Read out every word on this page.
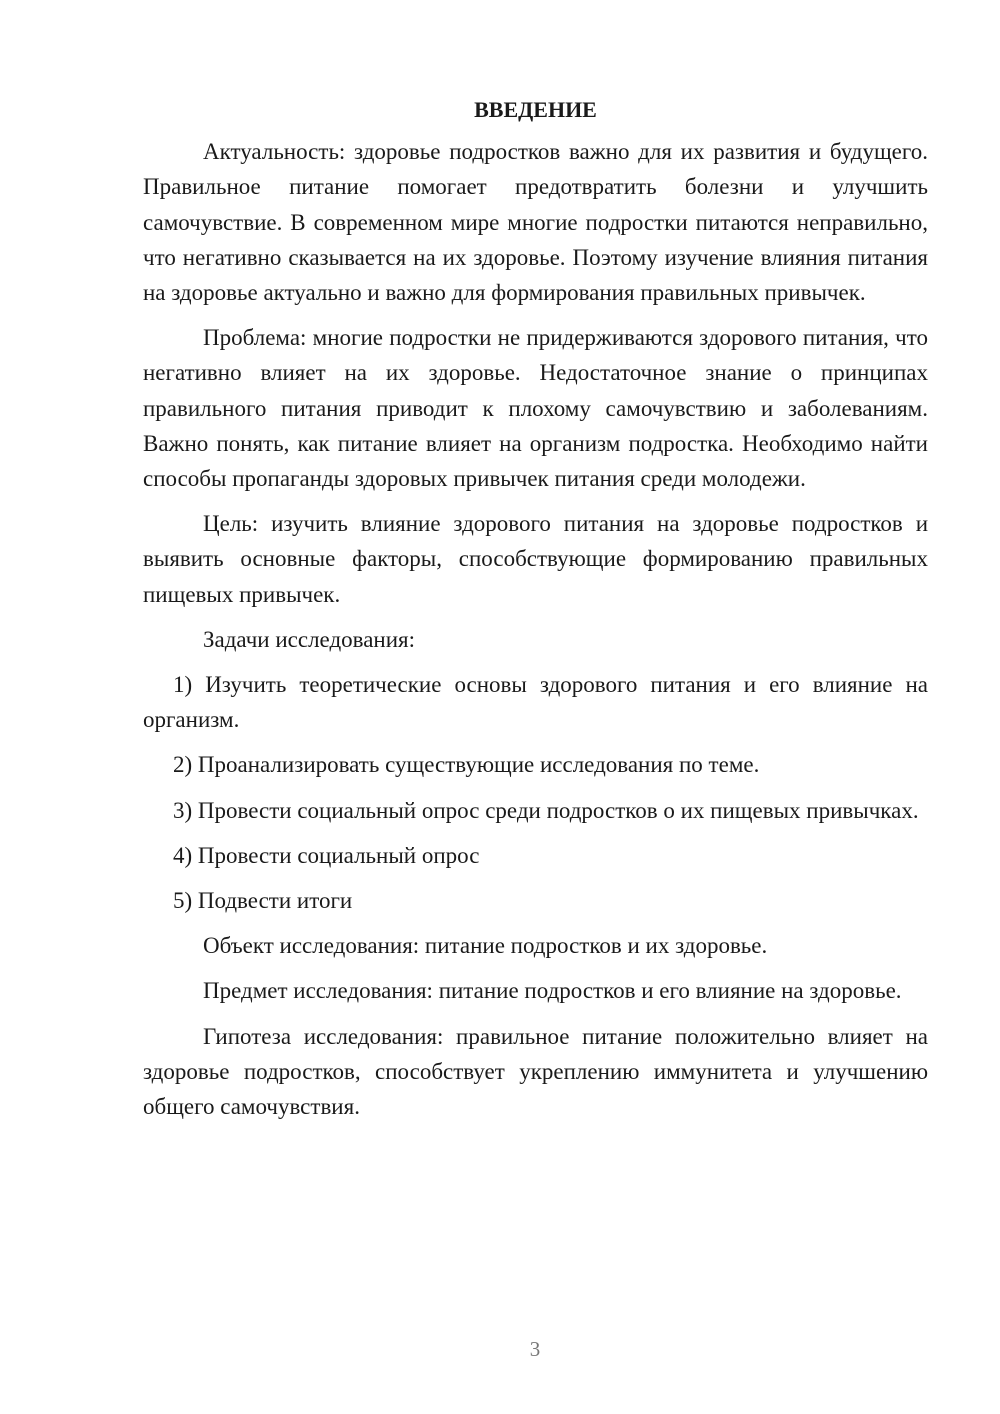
ВВЕДЕНИЕ

Актуальность: здоровье подростков важно для их развития и будущего. Правильное питание помогает предотвратить болезни и улучшить самочувствие. В современном мире многие подростки питаются неправильно, что негативно сказывается на их здоровье. Поэтому изучение влияния питания на здоровье актуально и важно для формирования правильных привычек.

Проблема: многие подростки не придерживаются здорового питания, что негативно влияет на их здоровье. Недостаточное знание о принципах правильного питания приводит к плохому самочувствию и заболеваниям. Важно понять, как питание влияет на организм подростка. Необходимо найти способы пропаганды здоровых привычек питания среди молодежи.

Цель: изучить влияние здорового питания на здоровье подростков и выявить основные факторы, способствующие формированию правильных пищевых привычек.

Задачи исследования:

1) Изучить теоретические основы здорового питания и его влияние на организм.

2) Проанализировать существующие исследования по теме.

3) Провести социальный опрос среди подростков о их пищевых привычках.

4) Провести социальный опрос

5) Подвести итоги

Объект исследования: питание подростков и их здоровье.

Предмет исследования: питание подростков и его влияние на здоровье.

Гипотеза исследования: правильное питание положительно влияет на здоровье подростков, способствует укреплению иммунитета и улучшению общего самочувствия.

3
